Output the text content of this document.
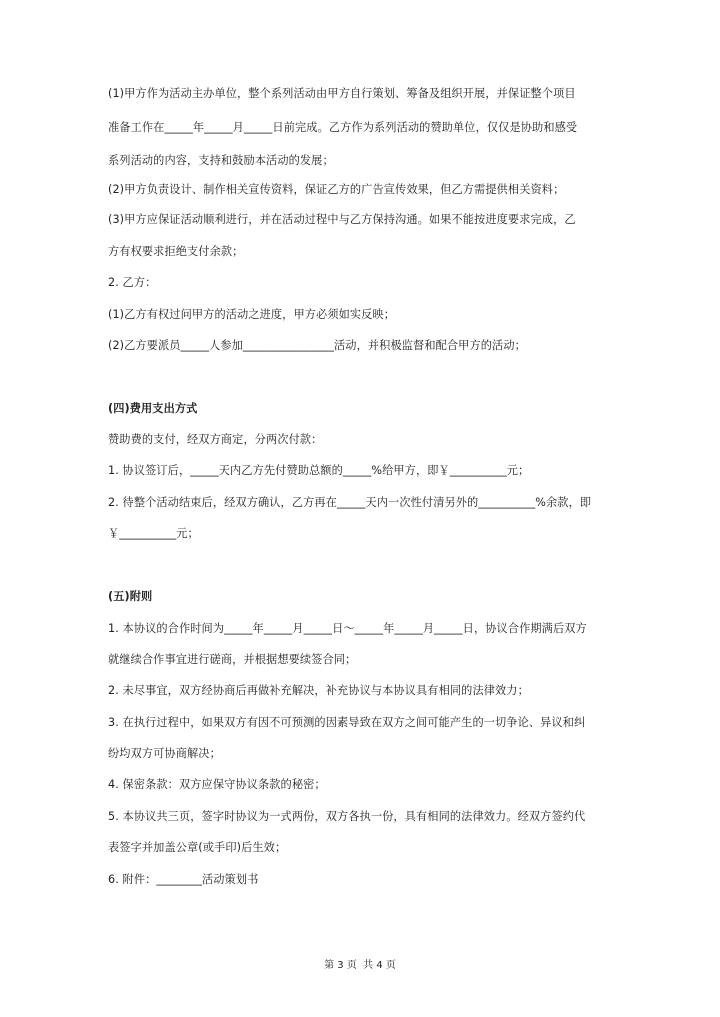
(1)甲方作为活动主办单位，整个系列活动由甲方自行策划、筹备及组织开展，并保证整个项目
准备工作在_____年_____月_____日前完成。乙方作为系列活动的赞助单位，仅仅是协助和感受
系列活动的内容，支持和鼓励本活动的发展；
(2)甲方负责设计、制作相关宣传资料，保证乙方的广告宣传效果，但乙方需提供相关资料；
(3)甲方应保证活动顺利进行，并在活动过程中与乙方保持沟通。如果不能按进度要求完成，乙
方有权要求拒绝支付余款；
2. 乙方：
(1)乙方有权过问甲方的活动之进度，甲方必须如实反映；
(2)乙方要派员_____人参加________________活动，并积极监督和配合甲方的活动；
(四)费用支出方式
赞助费的支付，经双方商定，分两次付款：
1. 协议签订后，_____天内乙方先付赞助总额的_____%给甲方，即￥__________元；
2. 待整个活动结束后，经双方确认，乙方再在_____天内一次性付清另外的__________%余款，即
￥__________元；
(五)附则
1. 本协议的合作时间为_____年_____月_____日～_____年_____月_____日，协议合作期满后双方
就继续合作事宜进行磋商，并根据想要续签合同；
2. 未尽事宜，双方经协商后再做补充解决，补充协议与本协议具有相同的法律效力；
3. 在执行过程中，如果双方有因不可预测的因素导致在双方之间可能产生的一切争论、异议和纠
纷均双方可协商解决；
4. 保密条款：双方应保守协议条款的秘密；
5. 本协议共三页，签字时协议为一式两份，双方各执一份，具有相同的法律效力。经双方签约代
表签字并加盖公章(或手印)后生效；
6. 附件：________活动策划书
第 3 页  共 4 页
